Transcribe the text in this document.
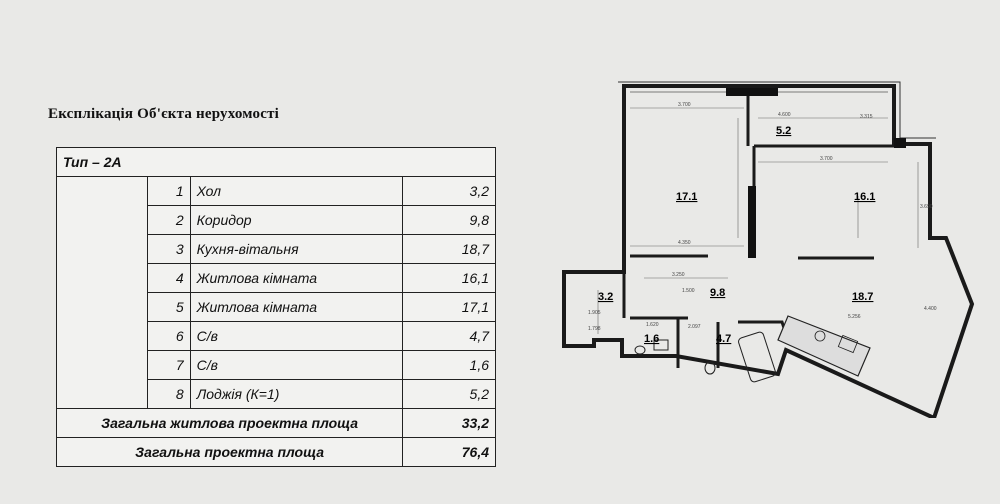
Експлікація Об'єкта нерухомості
Тип – 2А			
	1	Хол	3,2
	2	Коридор	9,8
	3	Кухня-вітальня	18,7
	4	Житлова кімната	16,1
	5	Житлова кімната	17,1
	6	С/в	4,7
	7	С/в	1,6
	8	Лоджія (К=1)	5,2
Загальна житлова проектна площа			33,2
Загальна проектна площа			76,4
3.700
4.600
3.700
4.350
3.315
3.250
3.690
1.905
1.798
1.620	2.097
5.256
4.400
1.500
5.2
17.1	16.1
3.2	9.8	18.7
1.6	4.7
